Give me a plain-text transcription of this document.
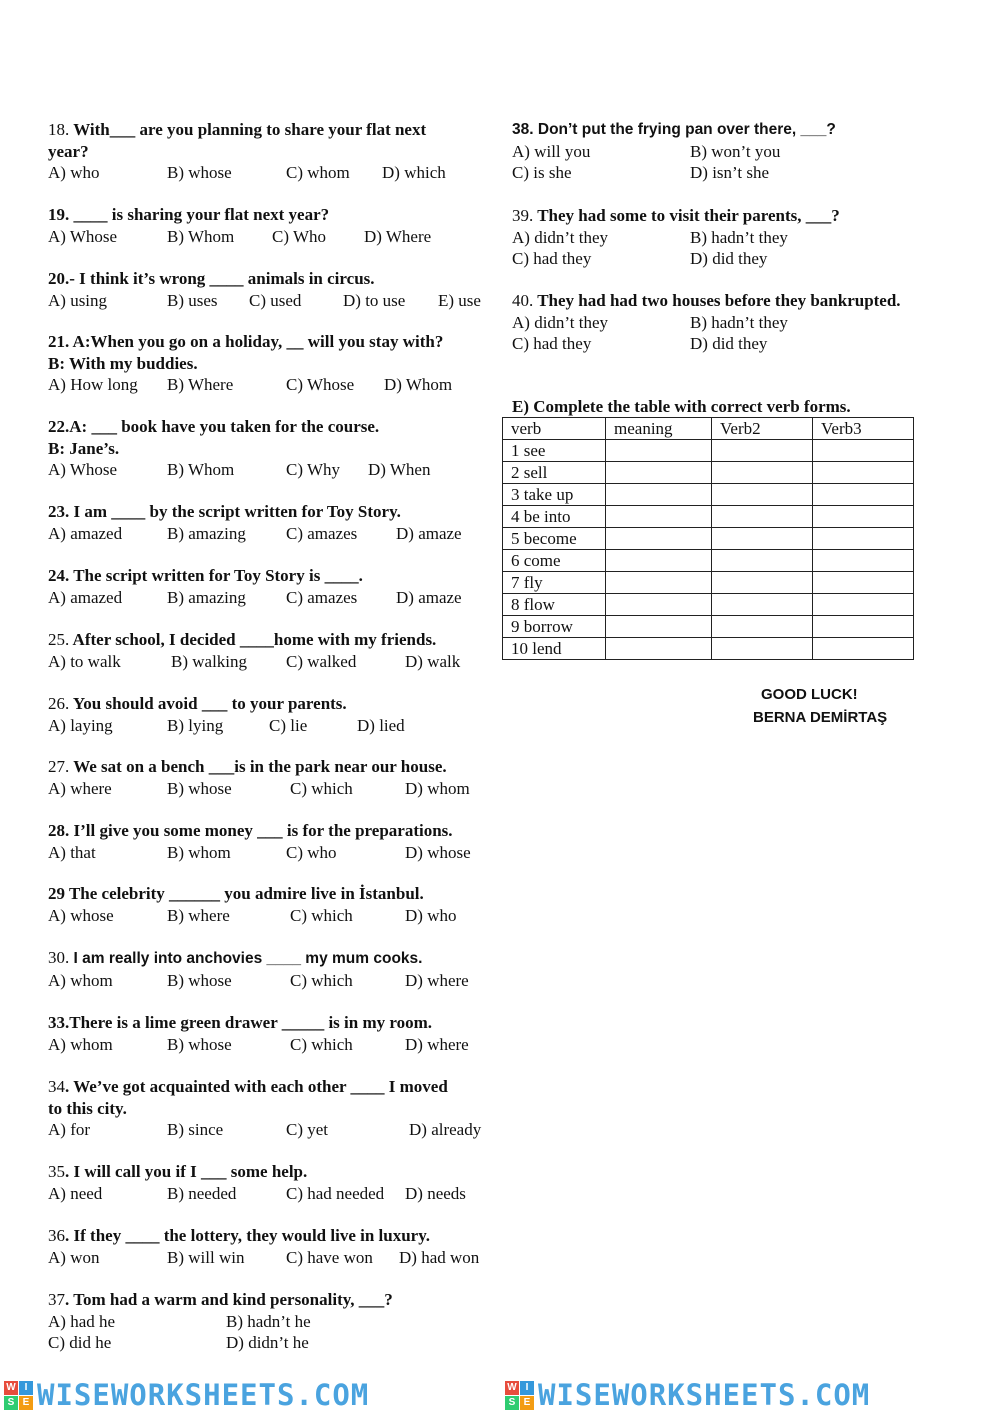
18. With___ are you planning to share your flat next
year?
A) who	B) whose	C) whom D) which
19. ____ is sharing your flat next year?
A) Whose	B) Whom C) Who D) Where
20.- I think it’s wrong ____ animals in circus.
A) using	B) uses C) used D) to use E) use
21. A:When you go on a holiday, __ will you stay with?
B: With my buddies.
A) How long B) Where	C) Whose D) Whom
22.A: ___ book have you taken for the course.
B: Jane’s.
A) Whose	B) Whom	C) Why D) When
23. I am ____ by the script written for Toy Story.
A) amazed	B) amazing C) amazes D) amaze
24. The script written for Toy Story is ____.
A) amazed	B) amazing C) amazes D) amaze
25. After school, I decided ____home with my friends.
A) to walk	B) walking C) walked	D) walk
26. You should avoid ___ to your parents.
A) laying	B) lying	C) lie	D) lied
27. We sat on a bench ___is in the park near our house.
A) where	B) whose	C) which	D) whom
28. I’ll give you some money ___ is for the preparations.
A) that	B) whom	C) who	D) whose
29 The celebrity ______ you admire live in İstanbul.
A) whose	B) where	C) which	D) who
30. I am really into anchovies ____ my mum cooks.
A) whom	B) whose	C) which	D) where
33.There is a lime green drawer _____ is in my room.
A) whom	B) whose	C) which	D) where
34. We’ve got acquainted with each other ____ I moved
to this city.
A) for	B) since	C) yet	D) already
35. I will call you if I ___ some help.
A) need	B) needed	C) had needed D) needs
36. If they ____ the lottery, they would live in luxury.
A) won	B) will win C) have won D) had won
37. Tom had a warm and kind personality, ___?
A) had he	B) hadn’t he
C) did he	D) didn’t he
38. Don’t put the frying pan over there, ___?
A) will you	B) won’t you
C) is she	D) isn’t she
39. They had some to visit their parents, ___?
A) didn’t they	B) hadn’t they
C) had they	D) did they
40. They had had two houses before they bankrupted.
A) didn’t they	B) hadn’t they
C) had they	D) did they
E) Complete the table with correct verb forms.
verb	meaning	Verb2	Verb3
1 see			
2 sell			
3 take up			
4 be into			
5 become			
6 come			
7 fly			
8 flow			
9 borrow			
10 lend			
GOOD LUCK!
BERNA DEMİRTAŞ
W I
S E WISEWORKSHEETS.COM	W I
S E WISEWORKSHEETS.COM
